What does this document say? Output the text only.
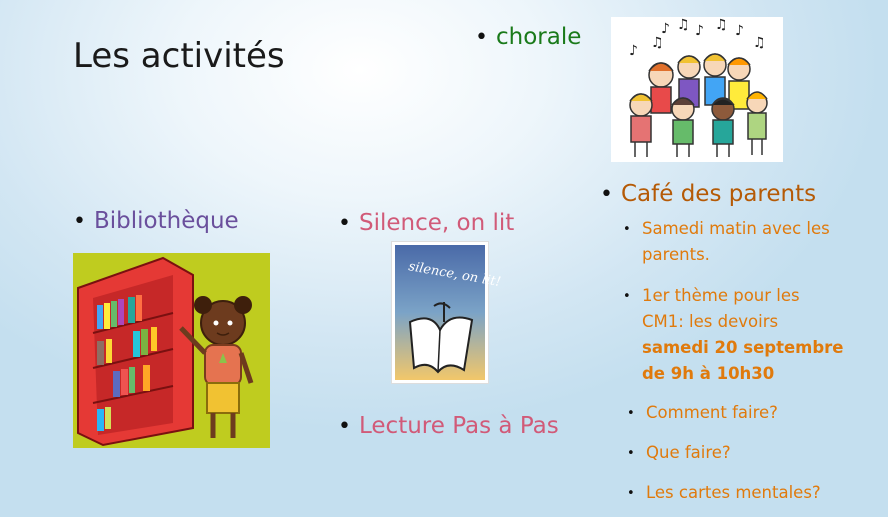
Les activités	• chorale	♪ ♫ ♪ ♫ ♪
♫
♪ ♫
• Bibliothèque	• Silence, on lit
silence, on lit!
• Lecture Pas à Pas
• Café des parents
• Samedi matin avec les parents.
• 1er thème pour les
CM1: les devoirs
samedi 20 septembre
de 9h à 10h30
• Comment faire?
• Que faire?
• Les cartes mentales?
